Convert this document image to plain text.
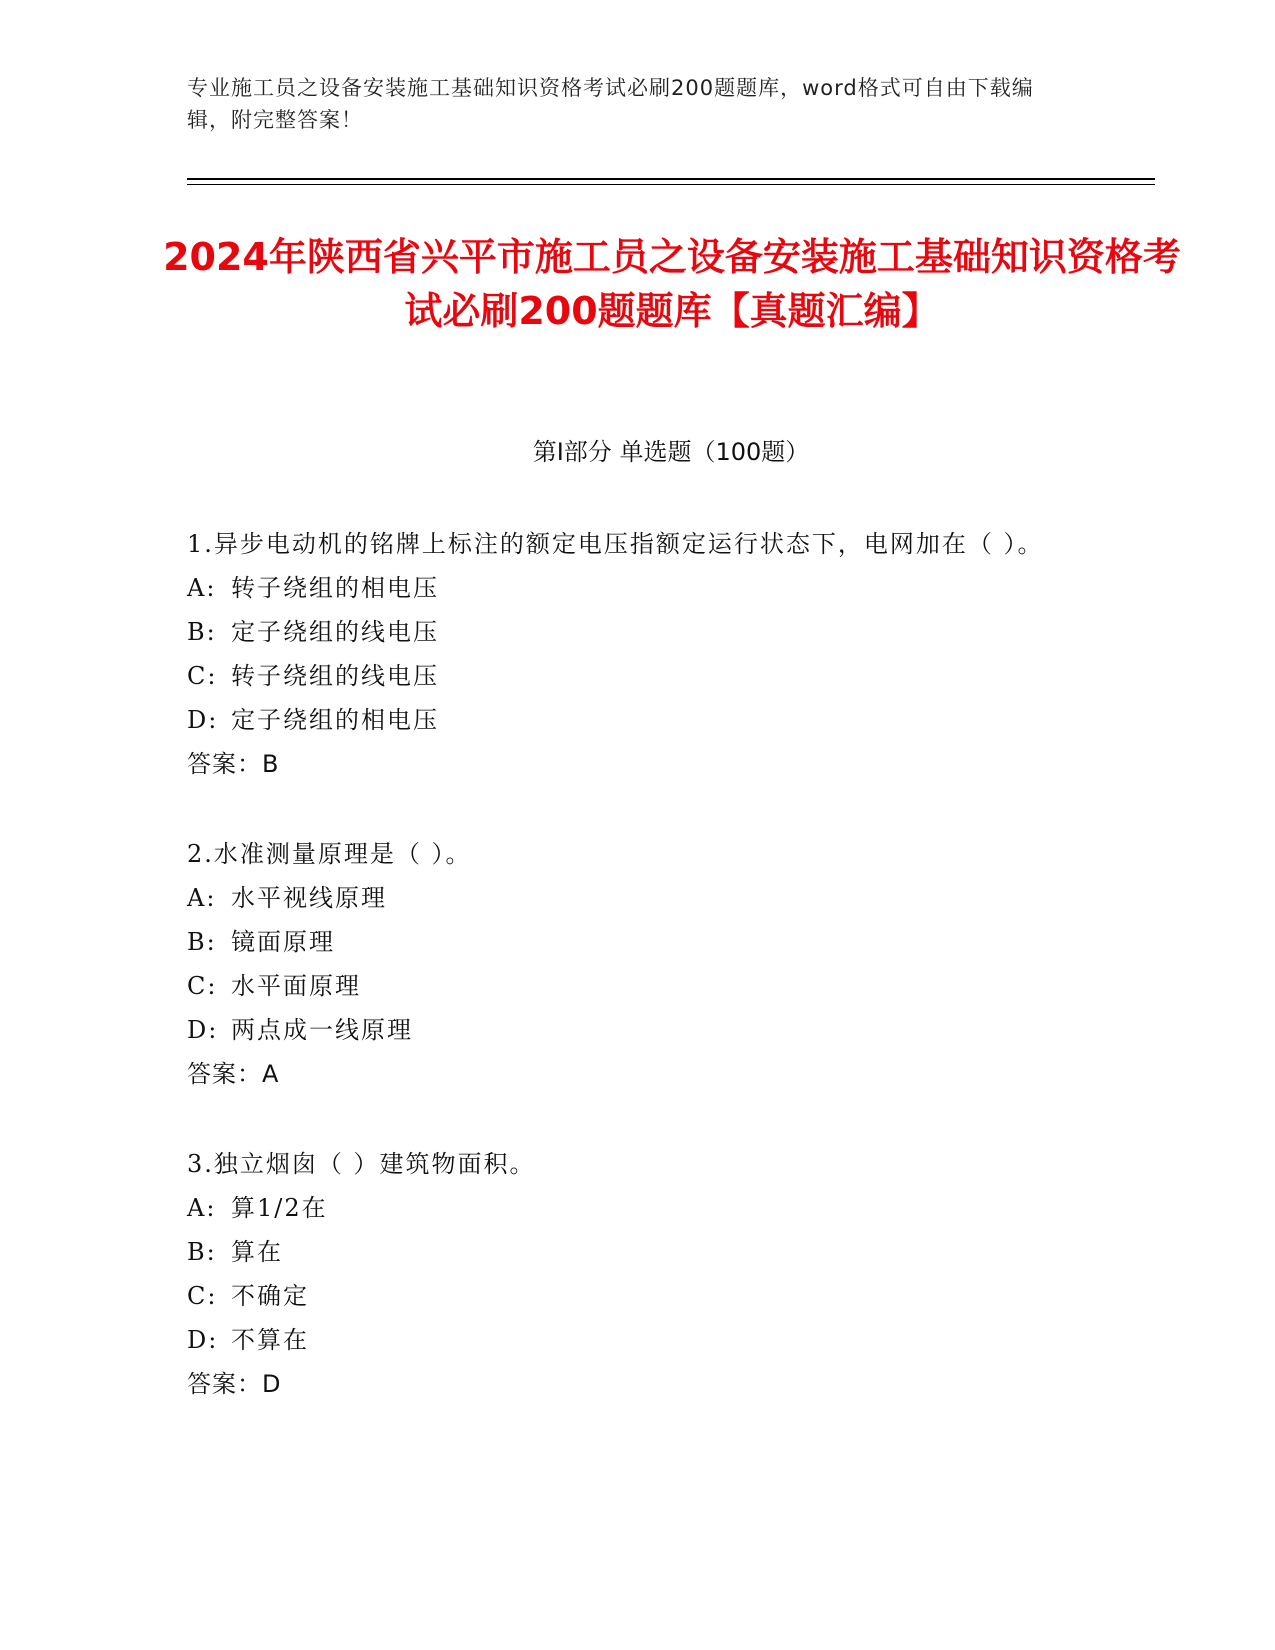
专业施工员之设备安装施工基础知识资格考试必刷200题题库，word格式可自由下载编辑，附完整答案！
2024年陕西省兴平市施工员之设备安装施工基础知识资格考试必刷200题题库【真题汇编】
第I部分 单选题（100题）
1.异步电动机的铭牌上标注的额定电压指额定运行状态下，电网加在（ ）。
A: 转子绕组的相电压
B: 定子绕组的线电压
C: 转子绕组的线电压
D: 定子绕组的相电压
答案：B
2.水准测量原理是（ ）。
A: 水平视线原理
B: 镜面原理
C: 水平面原理
D: 两点成一线原理
答案：A
3.独立烟囱（ ）建筑物面积。
A: 算1/2在
B: 算在
C: 不确定
D: 不算在
答案：D
